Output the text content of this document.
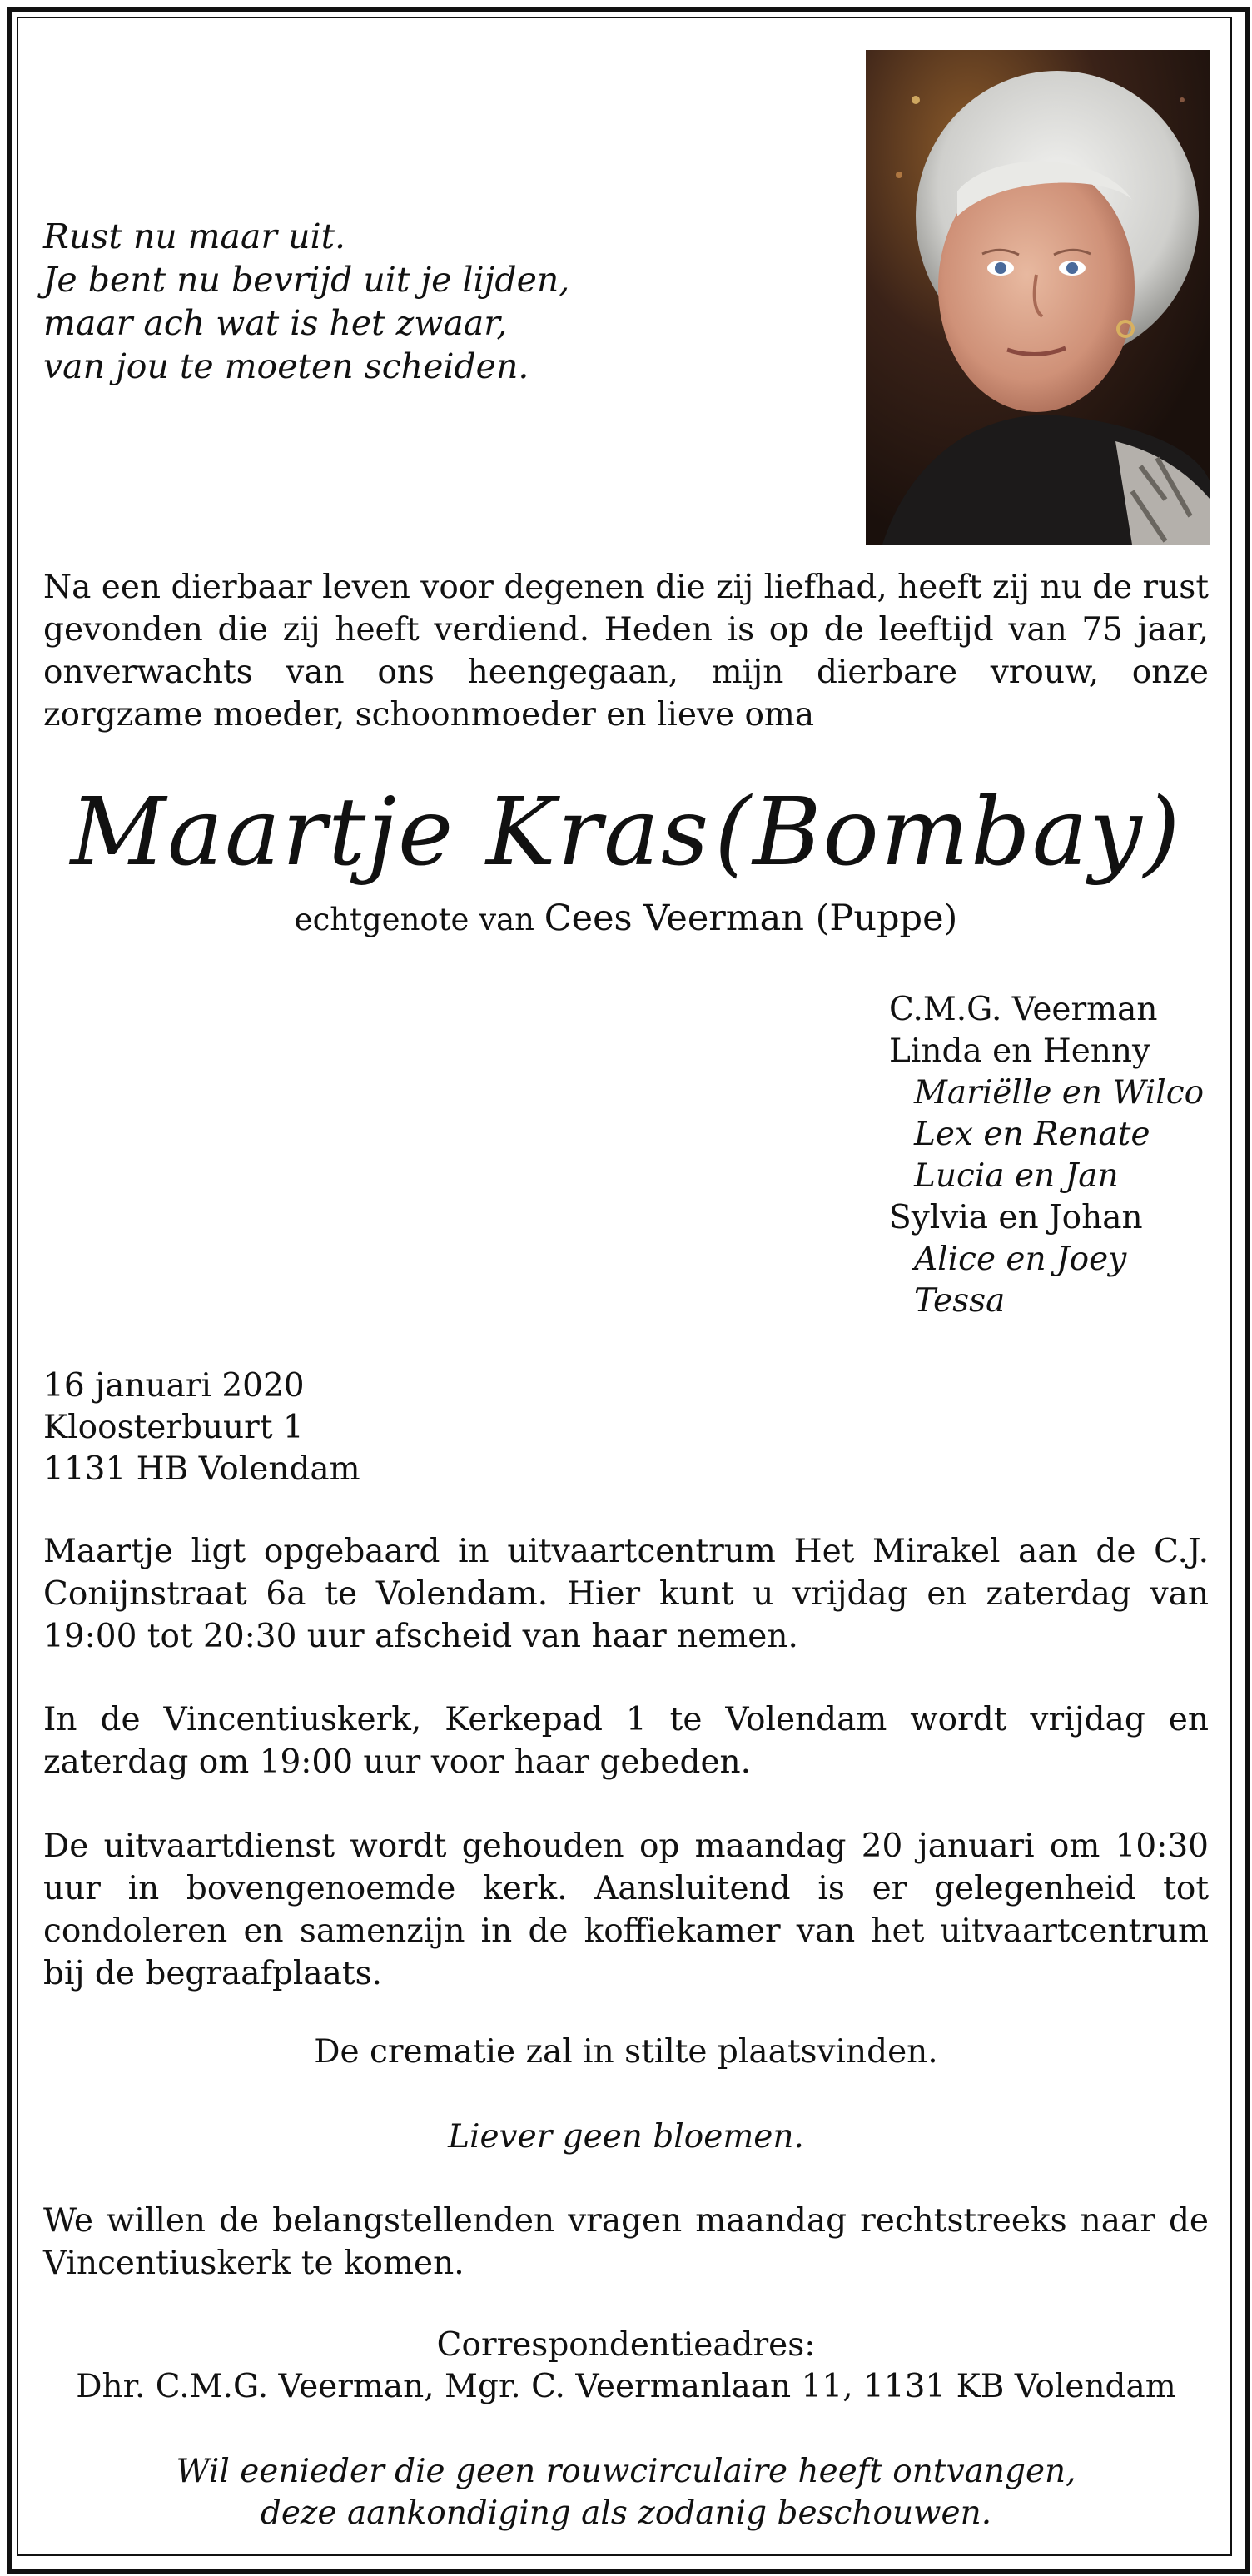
Rust nu maar uit.
Je bent nu bevrijd uit je lijden,
maar ach wat is het zwaar,
van jou te moeten scheiden.
Na een dierbaar leven voor degenen die zij liefhad, heeft zij nu de rust gevonden die zij heeft verdiend. Heden is op de leeftijd van 75 jaar, onverwachts van ons heengegaan, mijn dierbare vrouw, onze zorgzame moeder, schoonmoeder en lieve oma
Maartje Kras (Bombay)
echtgenote van Cees Veerman (Puppe)
C.M.G. Veerman
Linda en Henny
Mariëlle en Wilco
Lex en Renate
Lucia en Jan
Sylvia en Johan
Alice en Joey
Tessa
16 januari 2020
Kloosterbuurt 1
1131 HB Volendam
Maartje ligt opgebaard in uitvaartcentrum Het Mirakel aan de C.J. Conijnstraat 6a te Volendam. Hier kunt u vrijdag en zaterdag van 19:00 tot 20:30 uur afscheid van haar nemen.
In de Vincentiuskerk, Kerkepad 1 te Volendam wordt vrijdag en zaterdag om 19:00 uur voor haar gebeden.
De uitvaartdienst wordt gehouden op maandag 20 januari om 10:30 uur in bovengenoemde kerk. Aansluitend is er gelegenheid tot condoleren en samenzijn in de koffiekamer van het uitvaartcentrum bij de begraafplaats.
De crematie zal in stilte plaatsvinden.
Liever geen bloemen.
We willen de belangstellenden vragen maandag rechtstreeks naar de Vincentiuskerk te komen.
Correspondentieadres:
Dhr. C.M.G. Veerman, Mgr. C. Veermanlaan 11, 1131 KB Volendam
Wil eenieder die geen rouwcirculaire heeft ontvangen,
deze aankondiging als zodanig beschouwen.
